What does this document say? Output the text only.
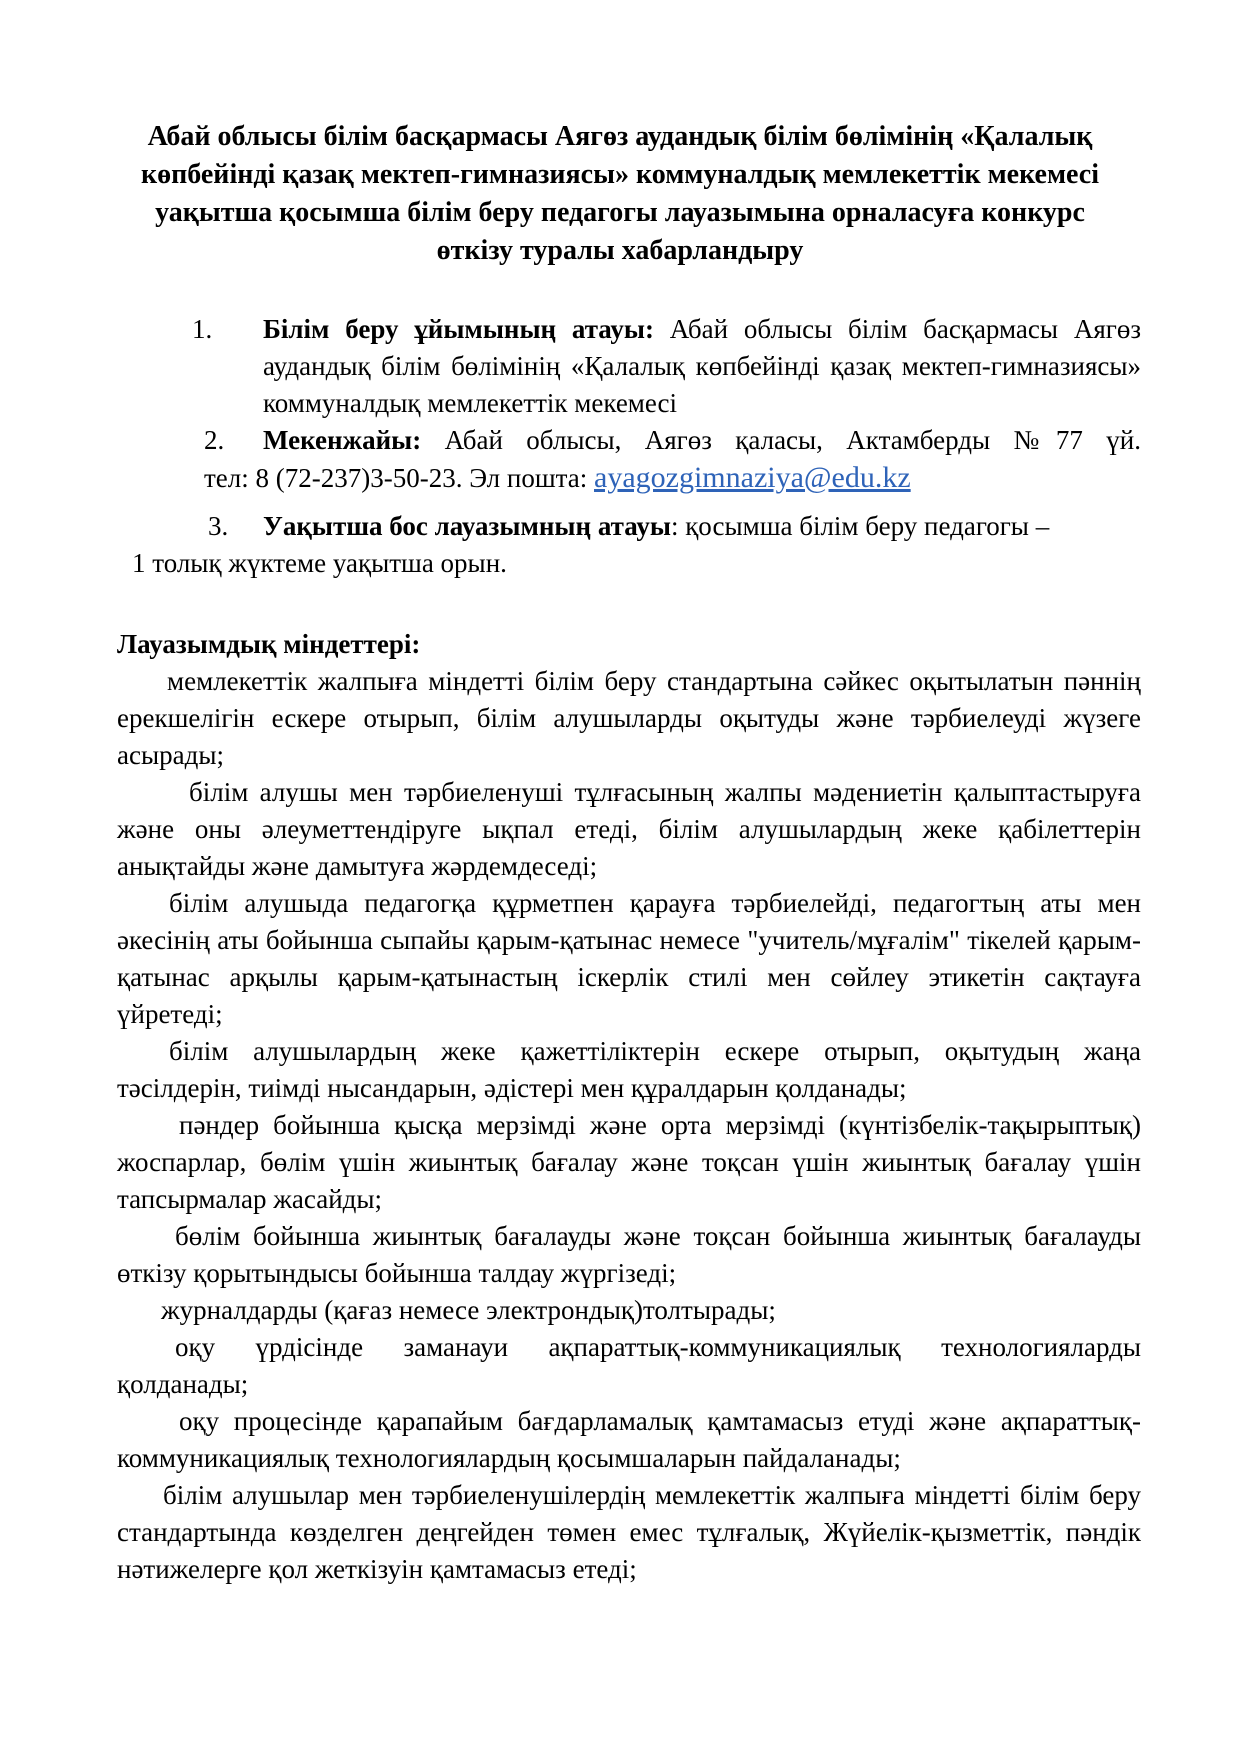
Абай облысы білім басқармасы Аягөз аудандық білім бөлімінің «Қалалық көпбейінді қазақ мектеп-гимназиясы» коммуналдық мемлекеттік мекемесі уақытша қосымша білім беру педагогы лауазымына орналасуға конкурс өткізу туралы хабарландыру
1. Білім беру ұйымының атауы: Абай облысы білім басқармасы Аягөз аудандық білім бөлімінің «Қалалық көпбейінді қазақ мектеп-гимназиясы» коммуналдық мемлекеттік мекемесі
2. Мекенжайы: Абай облысы, Аягөз қаласы, Актамберды №77 үй.
тел: 8 (72-237)3-50-23. Эл пошта: ayagozgimnaziya@edu.kz
3. Уақытша бос лауазымның атауы: қосымша білім беру педагогы –
1 толық жүктеме уақытша орын.
Лауазымдық міндеттері:

мемлекеттік жалпыға міндетті білім беру стандартына сәйкес оқытылатын пәннің ерекшелігін ескере отырып, білім алушыларды оқытуды және тәрбиелеуді жүзеге асырады;

білім алушы мен тәрбиеленуші тұлғасының жалпы мәдениетін қалыптастыруға және оны әлеуметтендіруге ықпал етеді, білім алушылардың жеке қабілеттерін анықтайды және дамытуға жәрдемдеседі;

білім алушыда педагогқа құрметпен қарауға тәрбиелейді, педагогтың аты мен әкесінің аты бойынша сыпайы қарым-қатынас немесе "учитель/мұғалім" тікелей қарым-қатынас арқылы қарым-қатынастың іскерлік стилі мен сөйлеу этикетін сақтауға үйретеді;

білім алушылардың жеке қажеттіліктерін ескере отырып, оқытудың жаңа тәсілдерін, тиімді нысандарын, әдістері мен құралдарын қолданады;

пәндер бойынша қысқа мерзімді және орта мерзімді (күнтізбелік-тақырыптық) жоспарлар, бөлім үшін жиынтық бағалау және тоқсан үшін жиынтық бағалау үшін тапсырмалар жасайды;

бөлім бойынша жиынтық бағалауды және тоқсан бойынша жиынтық бағалауды өткізу қорытындысы бойынша талдау жүргізеді;

журналдарды (қағаз немесе электрондық)толтырады;

оқу үрдісінде заманауи ақпараттық-коммуникациялық технологияларды қолданады;

оқу процесінде қарапайым бағдарламалық қамтамасыз етуді және ақпараттық-коммуникациялық технологиялардың қосымшаларын пайдаланады;

білім алушылар мен тәрбиеленушілердің мемлекеттік жалпыға міндетті білім беру стандартында көзделген деңгейден төмен емес тұлғалық, Жүйелік-қызметтік, пәндік нәтижелерге қол жеткізуін қамтамасыз етеді;
